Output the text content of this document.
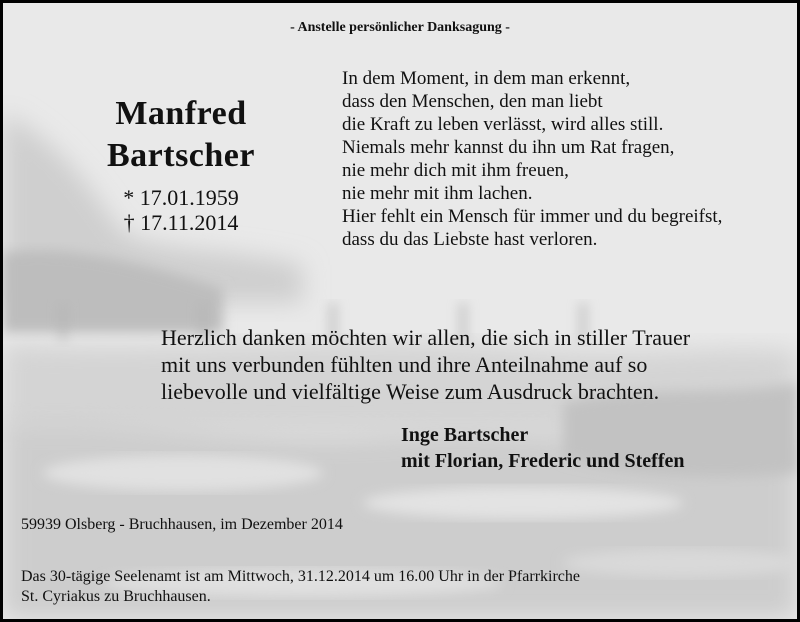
- Anstelle persönlicher Danksagung -
Manfred
Bartscher
* 17.01.1959
† 17.11.2014
In dem Moment, in dem man erkennt,
dass den Menschen, den man liebt
die Kraft zu leben verlässt, wird alles still.
Niemals mehr kannst du ihn um Rat fragen,
nie mehr dich mit ihm freuen,
nie mehr mit ihm lachen.
Hier fehlt ein Mensch für immer und du begreifst,
dass du das Liebste hast verloren.
Herzlich danken möchten wir allen, die sich in stiller Trauer
mit uns verbunden fühlten und ihre Anteilnahme auf so
liebevolle und vielfältige Weise zum Ausdruck brachten.
Inge Bartscher
mit Florian, Frederic und Steffen
59939 Olsberg - Bruchhausen, im Dezember 2014
Das 30-tägige Seelenamt ist am Mittwoch, 31.12.2014 um 16.00 Uhr in der Pfarrkirche
St. Cyriakus zu Bruchhausen.
